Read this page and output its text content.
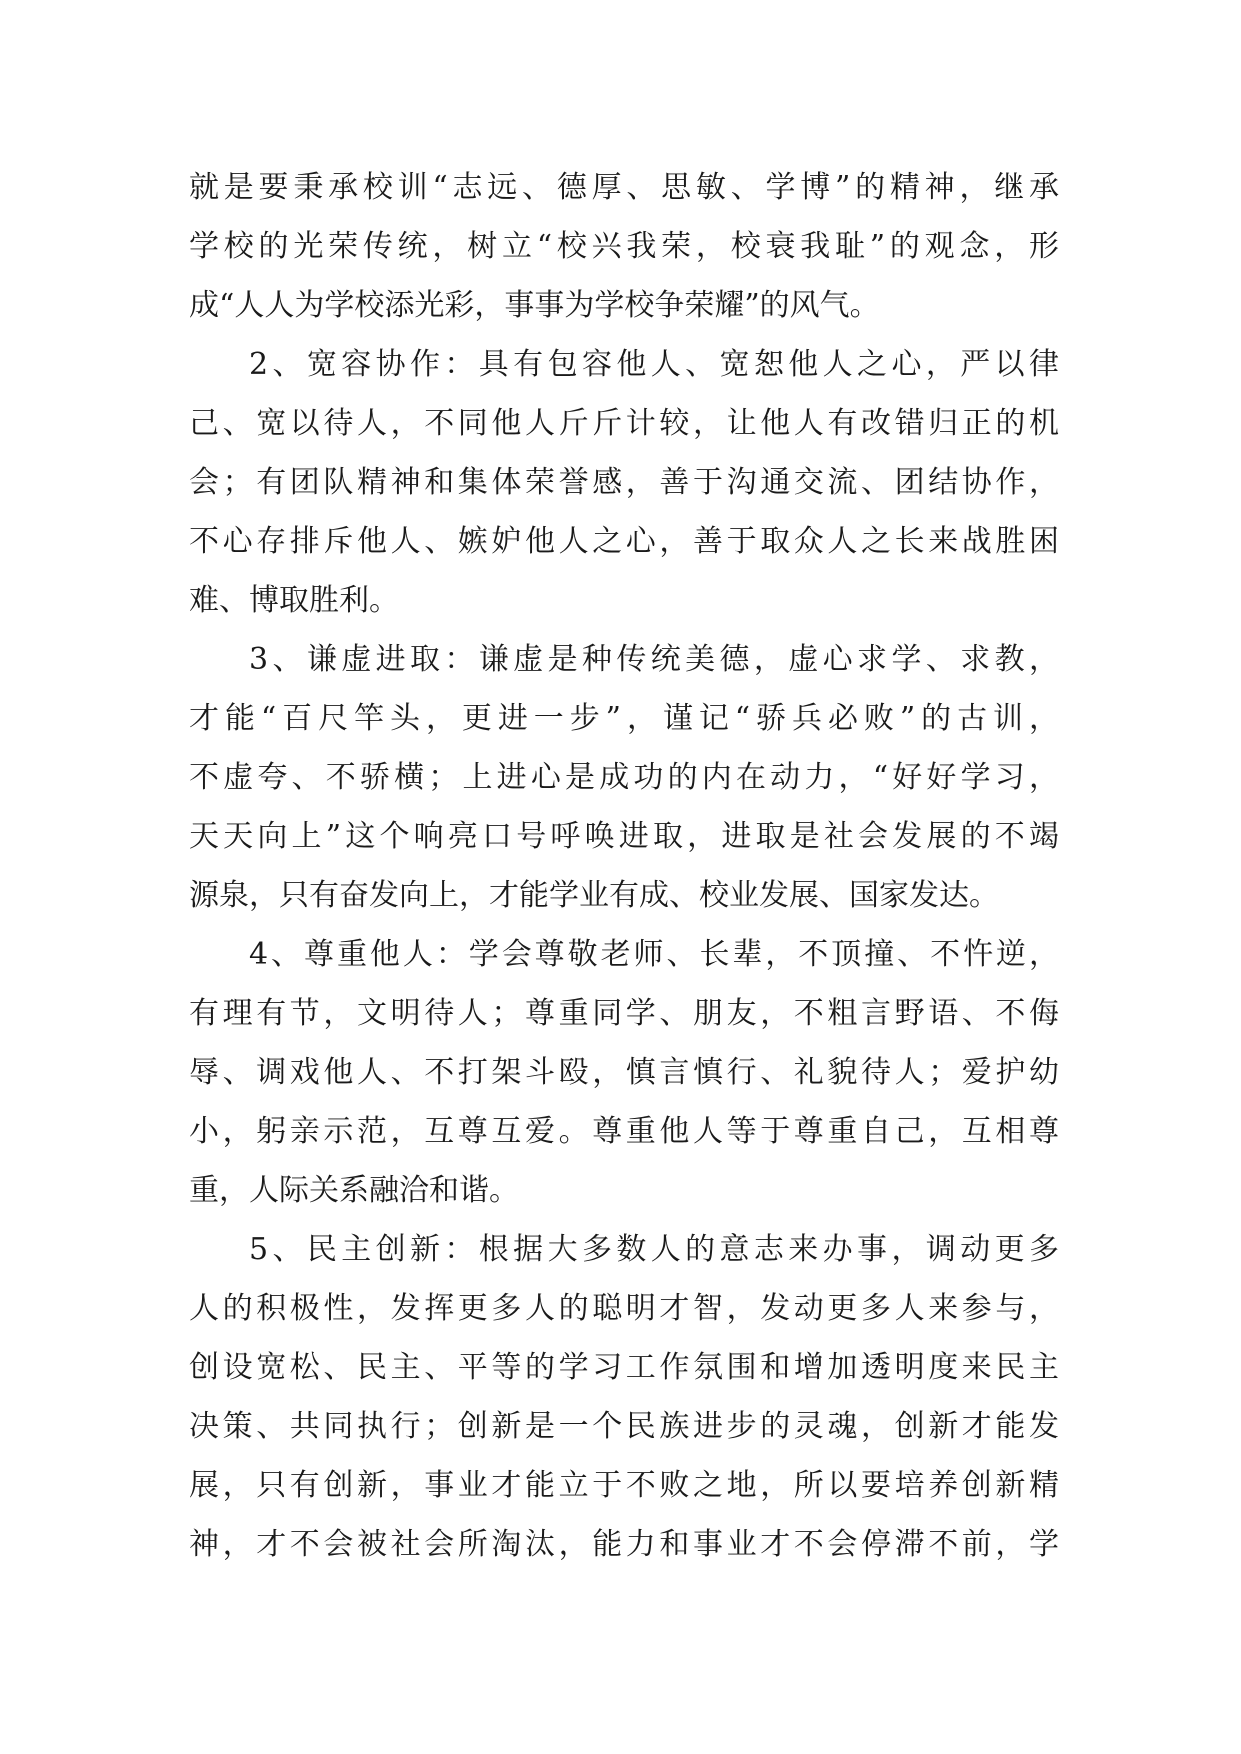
就是要秉承校训“志远、德厚、思敏、学博”的精神，继承
学校的光荣传统，树立“校兴我荣，校衰我耻”的观念，形
成“人人为学校添光彩，事事为学校争荣耀”的风气。
2、宽容协作：具有包容他人、宽恕他人之心，严以律
己、宽以待人，不同他人斤斤计较，让他人有改错归正的机
会；有团队精神和集体荣誉感，善于沟通交流、团结协作，
不心存排斥他人、嫉妒他人之心，善于取众人之长来战胜困
难、博取胜利。
3、谦虚进取：谦虚是种传统美德，虚心求学、求教，
才能“百尺竿头，更进一步”，谨记“骄兵必败”的古训，
不虚夸、不骄横；上进心是成功的内在动力，“好好学习，
天天向上”这个响亮口号呼唤进取，进取是社会发展的不竭
源泉，只有奋发向上，才能学业有成、校业发展、国家发达。
4、尊重他人：学会尊敬老师、长辈，不顶撞、不忤逆，
有理有节，文明待人；尊重同学、朋友，不粗言野语、不侮
辱、调戏他人、不打架斗殴，慎言慎行、礼貌待人；爱护幼
小，躬亲示范，互尊互爱。尊重他人等于尊重自己，互相尊
重，人际关系融洽和谐。
5、民主创新：根据大多数人的意志来办事，调动更多
人的积极性，发挥更多人的聪明才智，发动更多人来参与，
创设宽松、民主、平等的学习工作氛围和增加透明度来民主
决策、共同执行；创新是一个民族进步的灵魂，创新才能发
展，只有创新，事业才能立于不败之地，所以要培养创新精
神，才不会被社会所淘汰，能力和事业才不会停滞不前，学
